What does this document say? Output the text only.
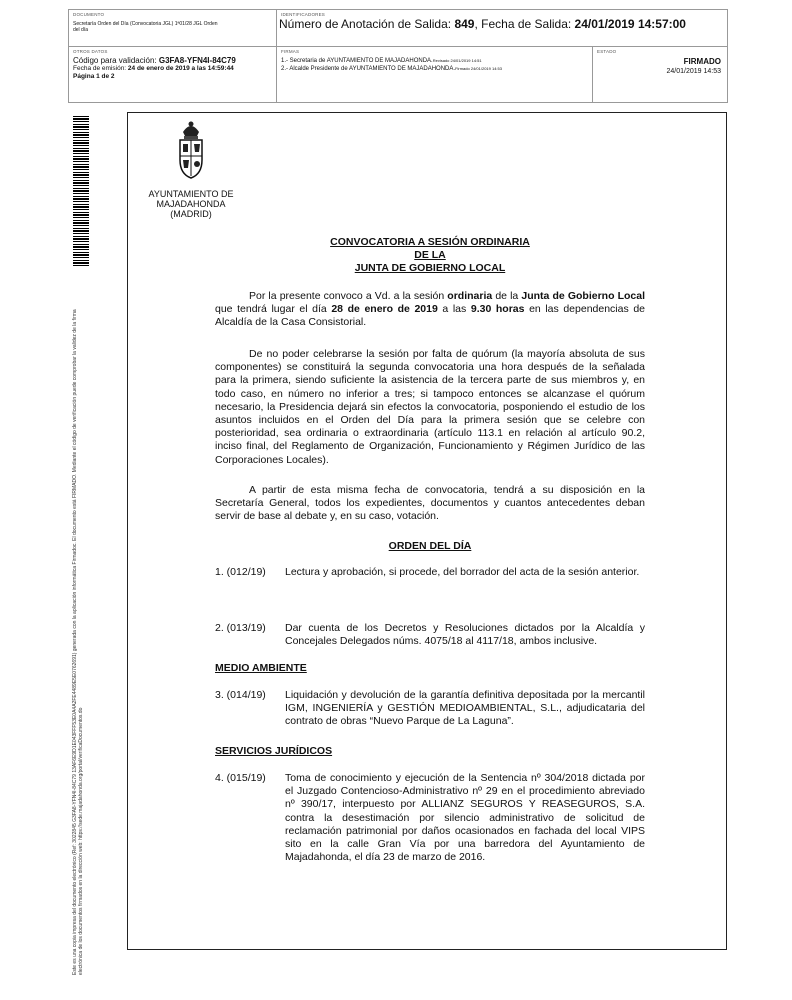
DOCUMENTO
Secretaría Orden del Día (Convocatoria JGL) 1ª01/28 JGL Orden del día
IDENTIFICADORES
Número de Anotación de Salida: 849, Fecha de Salida: 24/01/2019 14:57:00
OTROS DATOS
Código para validación: G3FA8-YFN4I-84C79
Fecha de emisión: 24 de enero de 2019 a las 14:59:44
Página 1 de 2
FIRMAS
1.- Secretaria de AYUNTAMIENTO DE MAJADAHONDA.Revisado 24/01/2019 14:51
2.- Alcalde Presidente de AYUNTAMIENTO DE MAJADAHONDA.Firmado 24/01/2019 14:53
ESTADO
FIRMADO
24/01/2019 14:53
Este es una copia impresa del documento electrónico (Ref: 3022845 G3FA8-YFN4I-84C79 13AF6E9D1E043FFF53E0A4A2FE4489E5E0762691) generada con la aplicación informática Firmadoc. El documento está FIRMADO. Mediante el código de verificación puede comprobar la validez de la firma electrónica de los documentos firmados en la dirección web: https://sede.majadahonda.org/portal/verificaDocumentos.do
AYUNTAMIENTO DE
MAJADAHONDA
(MADRID)
CONVOCATORIA A SESIÓN ORDINARIA
DE LA
JUNTA DE GOBIERNO LOCAL
Por la presente convoco a Vd. a la sesión ordinaria de la Junta de Gobierno Local que tendrá lugar el día 28 de enero de 2019 a las 9.30 horas en las dependencias de Alcaldía de la Casa Consistorial.
De no poder celebrarse la sesión por falta de quórum (la mayoría absoluta de sus componentes) se constituirá la segunda convocatoria una hora después de la señalada para la primera, siendo suficiente la asistencia de la tercera parte de sus miembros y, en todo caso, en número no inferior a tres; si tampoco entonces se alcanzase el quórum necesario, la Presidencia dejará sin efectos la convocatoria, posponiendo el estudio de los asuntos incluidos en el Orden del Día para la primera sesión que se celebre con posterioridad, sea ordinaria o extraordinaria (artículo 113.1 en relación al artículo 90.2, inciso final, del Reglamento de Organización, Funcionamiento y Régimen Jurídico de las Corporaciones Locales).
A partir de esta misma fecha de convocatoria, tendrá a su disposición en la Secretaría General, todos los expedientes, documentos y cuantos antecedentes deban servir de base al debate y, en su caso, votación.
ORDEN DEL DÍA
1. (012/19)	Lectura y aprobación, si procede, del borrador del acta de la sesión anterior.
2. (013/19)	Dar cuenta de los Decretos y Resoluciones dictados por la Alcaldía y Concejales Delegados núms. 4075/18 al 4117/18, ambos inclusive.
MEDIO AMBIENTE
3. (014/19)	Liquidación y devolución de la garantía definitiva depositada por la mercantil IGM, INGENIERÍA y GESTIÓN MEDIOAMBIENTAL, S.L., adjudicataria del contrato de obras “Nuevo Parque de La Laguna”.
SERVICIOS JURÍDICOS
4. (015/19)	Toma de conocimiento y ejecución de la Sentencia nº 304/2018 dictada por el Juzgado Contencioso-Administrativo nº 29 en el procedimiento abreviado nº 390/17, interpuesto por ALLIANZ SEGUROS Y REASEGUROS, S.A. contra la desestimación por silencio administrativo de solicitud de reclamación patrimonial por daños ocasionados en fachada del local VIPS sito en la calle Gran Vía por una barredora del Ayuntamiento de Majadahonda, el día 23 de marzo de 2016.
